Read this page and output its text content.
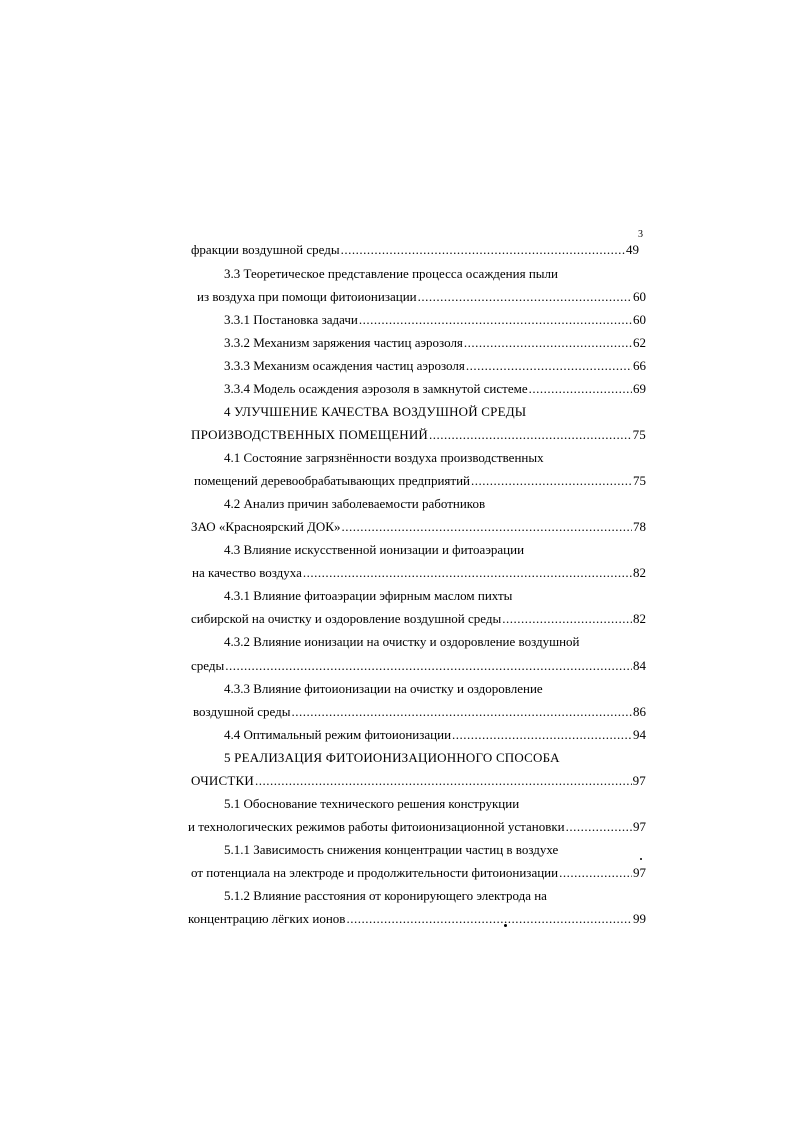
3
фракции воздушной среды .....	49
3.3 Теоретическое представление процесса осаждения пыли
из воздуха при помощи фитоионизации .....	60
3.3.1 Постановка задачи .....	60
3.3.2 Механизм заряжения частиц аэрозоля .....	62
3.3.3 Механизм осаждения частиц аэрозоля .....	66
3.3.4 Модель осаждения аэрозоля в замкнутой системе .....	69
4 УЛУЧШЕНИЕ КАЧЕСТВА ВОЗДУШНОЙ СРЕДЫ
ПРОИЗВОДСТВЕННЫХ ПОМЕЩЕНИЙ .....	75
4.1 Состояние загрязнённости воздуха производственных
помещений деревообрабатывающих предприятий .....	75
4.2 Анализ причин заболеваемости работников
ЗАО «Красноярский ДОК» .....	78
4.3 Влияние искусственной ионизации и фитоаэрации
на качество воздуха .....	82
4.3.1 Влияние фитоаэрации эфирным маслом пихты
сибирской на очистку и оздоровление воздушной среды .....	82
4.3.2 Влияние ионизации на очистку и оздоровление воздушной
среды .....	84
4.3.3 Влияние фитоионизации на очистку и оздоровление
воздушной среды .....	86
4.4 Оптимальный режим фитоионизации .....	94
5 РЕАЛИЗАЦИЯ ФИТОИОНИЗАЦИОННОГО СПОСОБА
ОЧИСТКИ .....	97
5.1 Обоснование технического решения конструкции
и технологических режимов работы фитоионизационной установки .....	97
5.1.1 Зависимость снижения концентрации частиц в воздухе
от потенциала на электроде и продолжительности фитоионизации .....	97
5.1.2 Влияние расстояния от коронирующего электрода на
концентрацию лёгких ионов .....	99
